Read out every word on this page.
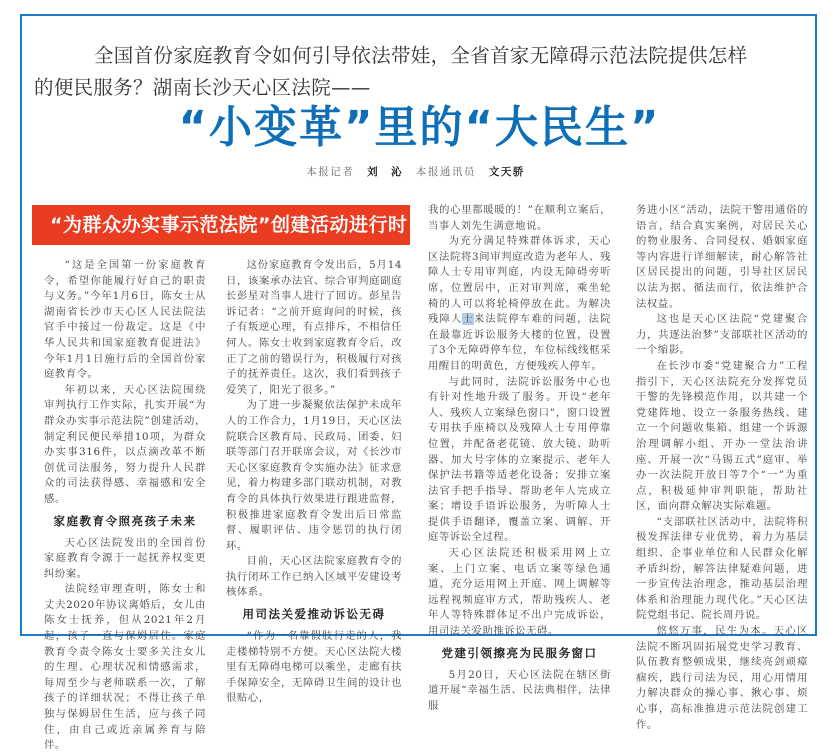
全国首份家庭教育令如何引导依法带娃，全省首家无障碍示范法院提供怎样
的便民服务？湖南长沙天心区法院——
“小变革”里的“大民生”
本报记者 刘　沁 本报通讯员 文天骄
“为群众办实事示范法院”创建活动进行时

“这是全国第一份家庭教育令，希望你能履行好自己的职责与义务。”今年1月6日，陈女士从湖南省长沙市天心区人民法院法官手中接过一份裁定。这是《中华人民共和国家庭教育促进法》今年1月1日施行后的全国首份家庭教育令。

年初以来，天心区法院围绕审判执行工作实际，扎实开展“为群众办实事示范法院”创建活动，制定利民便民举措10项，为群众办实事316件，以点滴改革不断创优司法服务，努力提升人民群众的司法获得感、幸福感和安全感。

家庭教育令照亮孩子未来

天心区法院发出的全国首份家庭教育令源于一起抚养权变更纠纷案。

法院经审理查明，陈女士和丈夫2020年协议离婚后，女儿由陈女士抚养，但从2021年2月起，孩子一直与保姆居住。家庭教育令责令陈女士要多关注女儿的生理、心理状况和情感需求，每周至少与老师联系一次，了解孩子的详细状况；不得让孩子单独与保姆居住生活，应与孩子同住，由自己或近亲属养育与陪伴。

这份家庭教育令发出后，5月14日，该案承办法官、综合审判庭副庭长彭星对当事人进行了回访。彭星告诉记者：“之前开庭询问的时候，孩子有叛逆心理，有点排斥，不相信任何人。陈女士收到家庭教育令后，改正了之前的错误行为，积极履行对孩子的抚养责任。这次，我们看到孩子爱笑了，阳光了很多。”

为了进一步凝聚依法保护未成年人的工作合力，1月19日，天心区法院联合区教育局、民政局、团委、妇联等部门召开联席会议，对《长沙市天心区家庭教育令实施办法》征求意见，着力构建多部门联动机制，对教育令的具体执行效果进行跟进监督，积极推进家庭教育令发出后日常监督、履职评估、违令惩罚的执行闭环。

目前，天心区法院家庭教育令的执行闭环工作已纳入区域平安建设考核体系。

用司法关爱推动诉讼无碍

“作为一名靠假肢行走的人，我走楼梯特别不方便。天心区法院大楼里有无障碍电梯可以乘坐，走廊有扶手保障安全，无障碍卫生间的设计也很贴心，

我的心里都暖暖的！”在顺利立案后，当事人刘先生满意地说。

为充分满足特殊群体诉求，天心区法院将3间审判庭改造为老年人、残障人士专用审判庭，内设无障碍旁听席，位置居中，正对审判席，乘坐轮椅的人可以将轮椅停放在此。为解决残障人士来法院停车难的问题，法院在最靠近诉讼服务大楼的位置，设置了3个无障碍停车位，车位标线线框采用醒目的明黄色，方便残疾人停车。

与此同时，法院诉讼服务中心也有针对性地升级了服务。开设“老年人、残疾人立案绿色窗口”，窗口设置专用扶手座椅以及残障人士专用停靠位置，并配备老花镜、放大镜、助听器、加大号字体的立案提示、老年人保护法书籍等适老化设备；安排立案法官手把手指导、帮助老年人完成立案；增设手语诉讼服务，为听障人士提供手语翻译，覆盖立案、调解、开庭等诉讼全过程。

天心区法院还积极采用网上立案、上门立案、电话立案等绿色通道，充分运用网上开庭、网上调解等远程视频庭审方式，帮助残疾人、老年人等特殊群体足不出户完成诉讼，用司法关爱助推诉讼无碍。

党建引领擦亮为民服务窗口

5月20日，天心区法院在辖区街道开展“幸福生活、民法典相伴，法律服

务进小区”活动，法院干警用通俗的语言，结合真实案例，对居民关心的物业服务、合同侵权、婚姻家庭等内容进行详细解读，耐心解答社区居民提出的问题，引导社区居民以法为据、循法而行，依法维护合法权益。

这也是天心区法院“党建聚合力，共逐法治梦”支部联社区活动的一个缩影。

在长沙市委“党建聚合力”工程指引下，天心区法院充分发挥党员干警的先锋模范作用，以共建一个党建阵地、设立一条服务热线、建立一个问题收集箱、组建一个诉源治理调解小组、开办一堂法治讲座、开展一次“马锡五式”庭审、举办一次法院开放日等7个“一”为重点，积极延伸审判职能，帮助社区，面向群众解决实际难题。

“支部联社区活动中，法院将积极发挥法律专业优势，着力为基层组织、企事业单位和人民群众化解矛盾纠纷，解答法律疑难问题，进一步宣传法治理念，推动基层治理体系和治理能力现代化。”天心区法院党组书记、院长周丹说。

悠悠万事，民生为本。天心区法院不断巩固拓展党史学习教育、队伍教育整顿成果，继续亮剑顽瘴痼疾，践行司法为民，用心用情用力解决群众的操心事、揪心事、烦心事，高标准推进示范法院创建工作。
